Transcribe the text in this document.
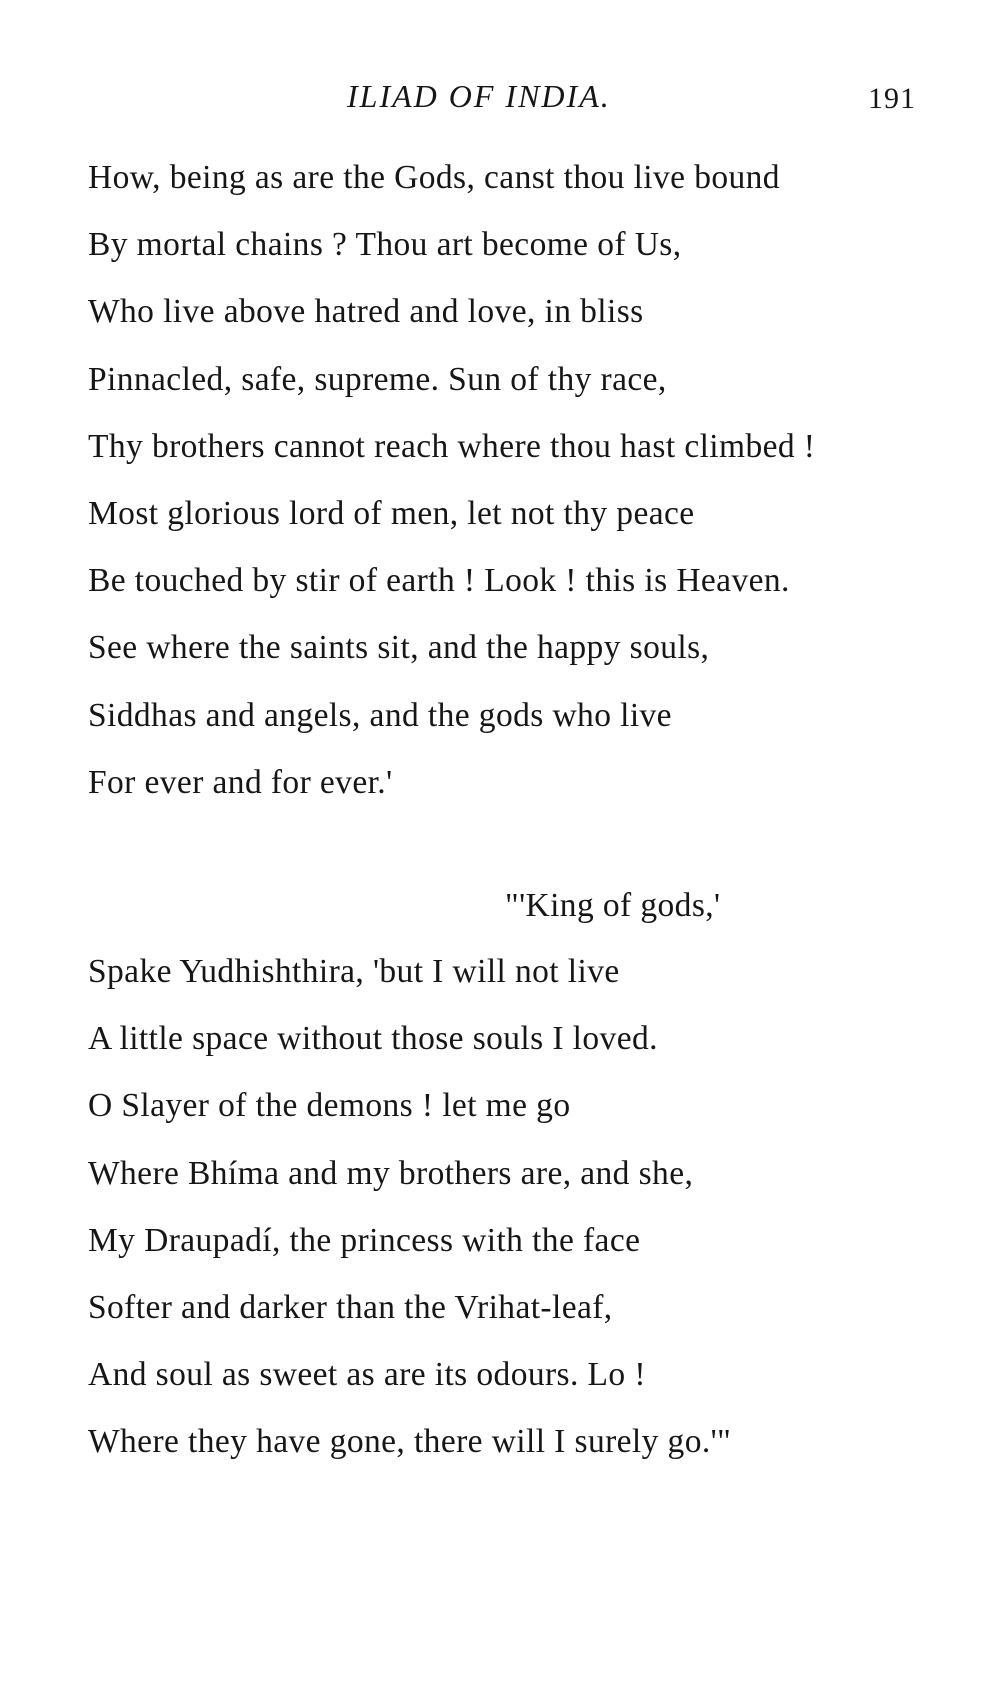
ILIAD OF INDIA.	191
How, being as are the Gods, canst thou live bound
By mortal chains ? Thou art become of Us,
Who live above hatred and love, in bliss
Pinnacled, safe, supreme. Sun of thy race,
Thy brothers cannot reach where thou hast climbed !
Most glorious lord of men, let not thy peace
Be touched by stir of earth ! Look ! this is Heaven.
See where the saints sit, and the happy souls,
Siddhas and angels, and the gods who live
For ever and for ever.'
"'King of gods,'
Spake Yudhishthira, 'but I will not live
A little space without those souls I loved.
O Slayer of the demons ! let me go
Where Bhíma and my brothers are, and she,
My Draupadí, the princess with the face
Softer and darker than the Vrihat-leaf,
And soul as sweet as are its odours. Lo !
Where they have gone, there will I surely go.'"
